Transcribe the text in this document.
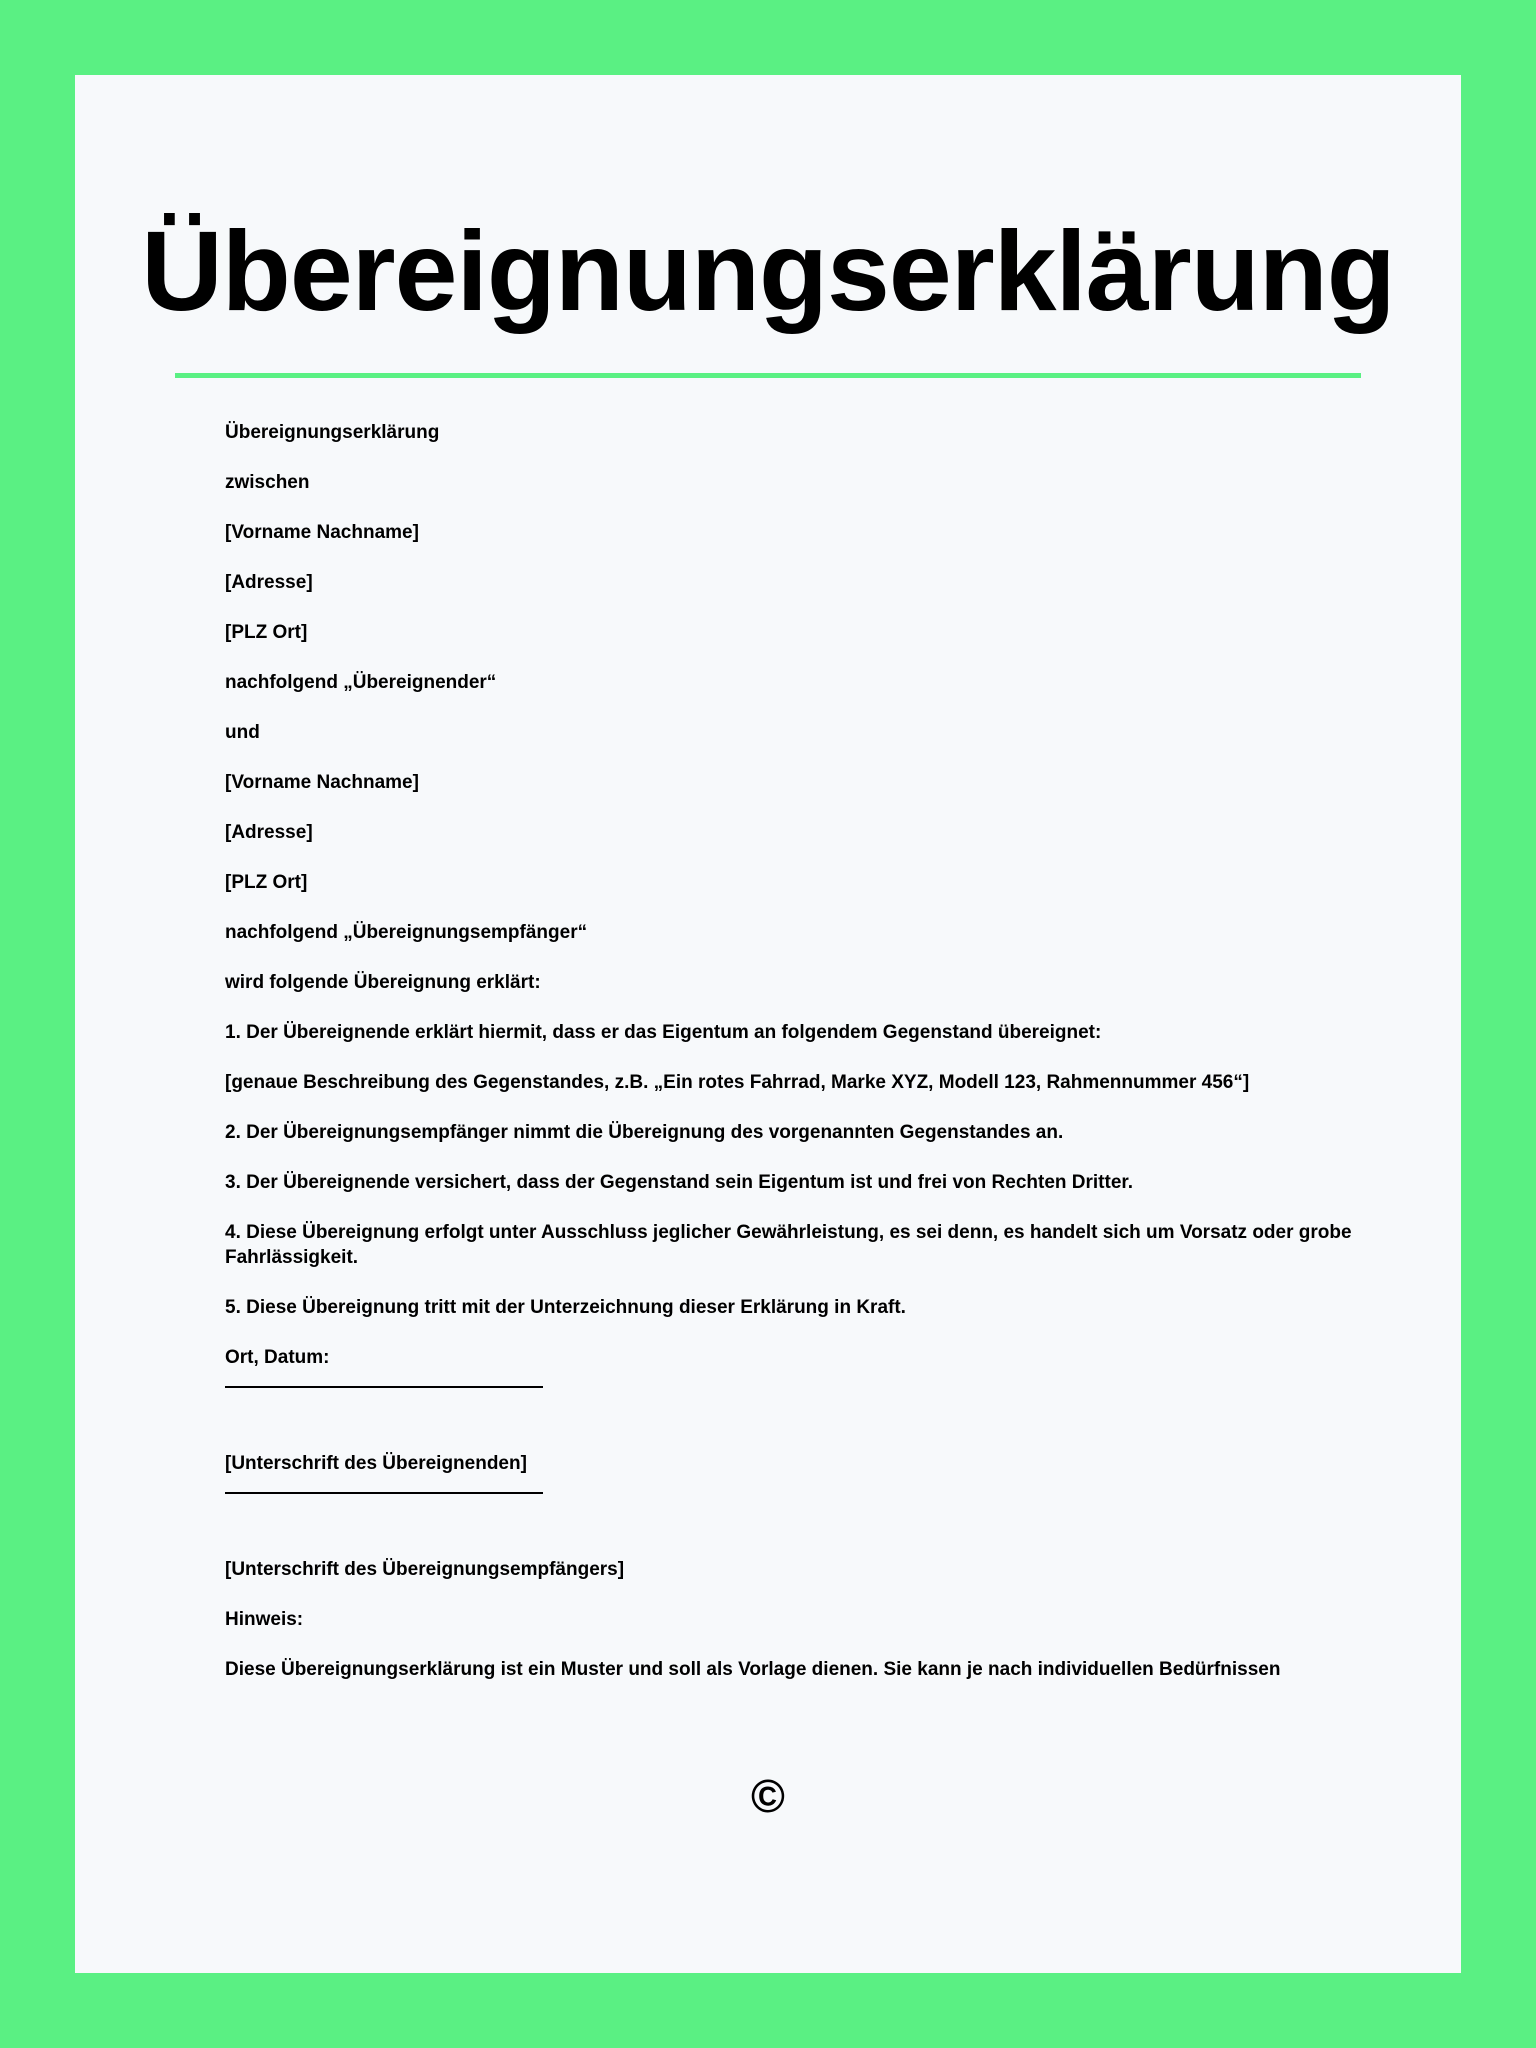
Übereignungserklärung

Übereignungserklärung

zwischen

[Vorname Nachname]

[Adresse]

[PLZ Ort]

nachfolgend „Übereignender“

und

[Vorname Nachname]

[Adresse]

[PLZ Ort]

nachfolgend „Übereignungsempfänger“

wird folgende Übereignung erklärt:

1. Der Übereignende erklärt hiermit, dass er das Eigentum an folgendem Gegenstand übereignet:

[genaue Beschreibung des Gegenstandes, z.B. „Ein rotes Fahrrad, Marke XYZ, Modell 123, Rahmennummer 456“]

2. Der Übereignungsempfänger nimmt die Übereignung des vorgenannten Gegenstandes an.

3. Der Übereignende versichert, dass der Gegenstand sein Eigentum ist und frei von Rechten Dritter.

4. Diese Übereignung erfolgt unter Ausschluss jeglicher Gewährleistung, es sei denn, es handelt sich um Vorsatz oder grobe Fahrlässigkeit.

5. Diese Übereignung tritt mit der Unterzeichnung dieser Erklärung in Kraft.

Ort, Datum:

[Unterschrift des Übereignenden]

[Unterschrift des Übereignungsempfängers]

Hinweis:

Diese Übereignungserklärung ist ein Muster und soll als Vorlage dienen. Sie kann je nach individuellen Bedürfnissen

©
